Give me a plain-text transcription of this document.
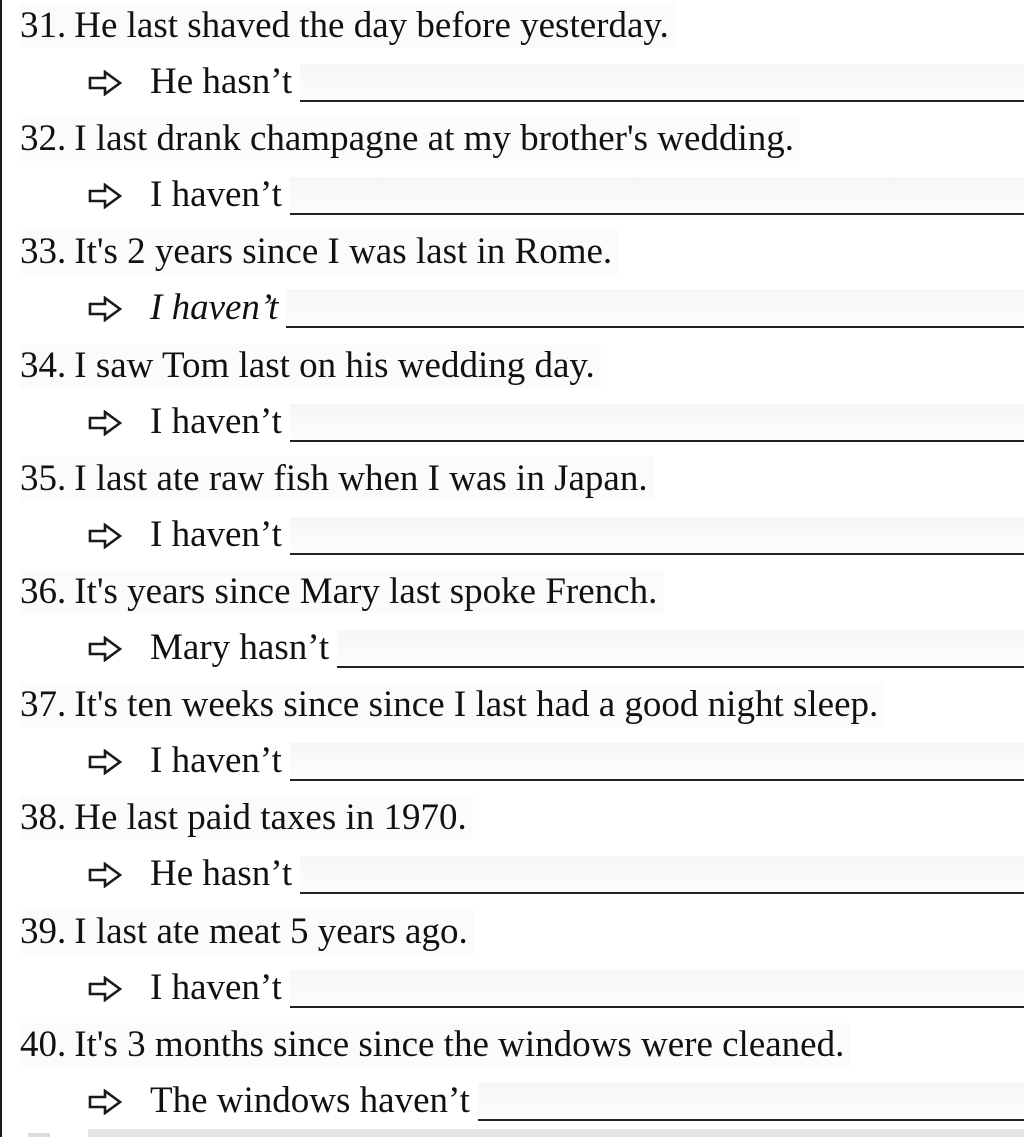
31. He last shaved the day before yesterday.
He hasn’t
32. I last drank champagne at my brother's wedding.
I haven’t
33. It's 2 years since I was last in Rome.
I haven’t
34. I saw Tom last on his wedding day.
I haven’t
35. I last ate raw fish when I was in Japan.
I haven’t
36. It's years since Mary last spoke French.
Mary hasn’t
37. It's ten weeks since since I last had a good night sleep.
I haven’t
38. He last paid taxes in 1970.
He hasn’t
39. I last ate meat 5 years ago.
I haven’t
40. It's 3 months since since the windows were cleaned.
The windows haven’t
